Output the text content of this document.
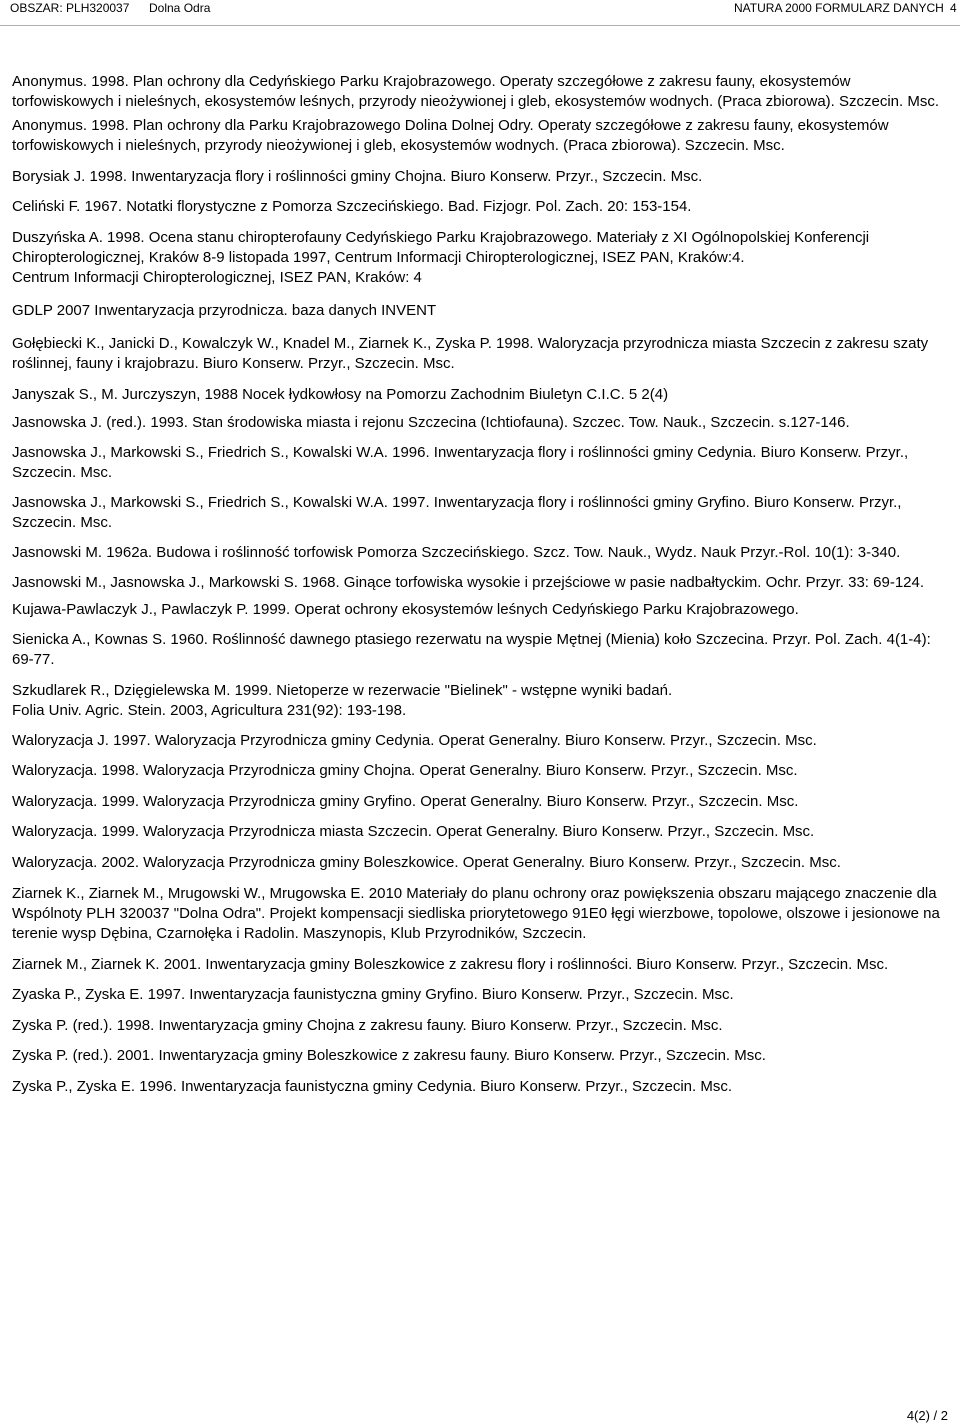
OBSZAR: PLH320037 Dolna Odra	NATURA 2000 FORMULARZ DANYCH 4

Anonymus. 1998. Plan ochrony dla Cedyńskiego Parku Krajobrazowego. Operaty szczegółowe z zakresu fauny, ekosystemów torfowiskowych i nieleśnych, ekosystemów leśnych, przyrody nieożywionej i gleb, ekosystemów wodnych. (Praca zbiorowa). Szczecin. Msc.

Anonymus. 1998. Plan ochrony dla Parku Krajobrazowego Dolina Dolnej Odry. Operaty szczegółowe z zakresu fauny, ekosystemów torfowiskowych i nieleśnych, przyrody nieożywionej i gleb, ekosystemów wodnych. (Praca zbiorowa). Szczecin. Msc.

Borysiak J. 1998. Inwentaryzacja flory i roślinności gminy Chojna. Biuro Konserw. Przyr., Szczecin. Msc.

Celiński F. 1967. Notatki florystyczne z Pomorza Szczecińskiego. Bad. Fizjogr. Pol. Zach. 20: 153-154.

Duszyńska A. 1998. Ocena stanu chiropterofauny Cedyńskiego Parku Krajobrazowego. Materiały z XI Ogólnopolskiej Konferencji Chiropterologicznej, Kraków 8-9 listopada 1997, Centrum Informacji Chiropterologicznej, ISEZ PAN, Kraków:4.

Centrum Informacji Chiropterologicznej, ISEZ PAN, Kraków: 4

GDLP 2007 Inwentaryzacja przyrodnicza. baza danych INVENT

Gołębiecki K., Janicki D., Kowalczyk W., Knadel M., Ziarnek K., Zyska P. 1998. Waloryzacja przyrodnicza miasta Szczecin z zakresu szaty roślinnej, fauny i krajobrazu. Biuro Konserw. Przyr., Szczecin. Msc.

Janyszak S., M. Jurczyszyn, 1988 Nocek łydkowłosy na Pomorzu Zachodnim Biuletyn C.I.C. 5 2(4)

Jasnowska J. (red.). 1993. Stan środowiska miasta i rejonu Szczecina (Ichtiofauna). Szczec. Tow. Nauk., Szczecin. s.127-146.

Jasnowska J., Markowski S., Friedrich S., Kowalski W.A. 1996. Inwentaryzacja flory i roślinności gminy Cedynia. Biuro Konserw. Przyr., Szczecin. Msc.

Jasnowska J., Markowski S., Friedrich S., Kowalski W.A. 1997. Inwentaryzacja flory i roślinności gminy Gryfino. Biuro Konserw. Przyr., Szczecin. Msc.

Jasnowski M. 1962a. Budowa i roślinność torfowisk Pomorza Szczecińskiego. Szcz. Tow. Nauk., Wydz. Nauk Przyr.-Rol. 10(1): 3-340.

Jasnowski M., Jasnowska J., Markowski S. 1968. Ginące torfowiska wysokie i przejściowe w pasie nadbałtyckim. Ochr. Przyr. 33: 69-124.

Kujawa-Pawlaczyk J., Pawlaczyk P. 1999. Operat ochrony ekosystemów leśnych Cedyńskiego Parku Krajobrazowego.

Sienicka A., Kownas S. 1960. Roślinność dawnego ptasiego rezerwatu na wyspie Mętnej (Mienia) koło Szczecina. Przyr. Pol. Zach. 4(1-4): 69-77.

Szkudlarek R., Dzięgielewska M. 1999. Nietoperze w rezerwacie "Bielinek" - wstępne wyniki badań.

Folia Univ. Agric. Stein. 2003, Agricultura 231(92): 193-198.

Waloryzacja J. 1997. Waloryzacja Przyrodnicza gminy Cedynia. Operat Generalny. Biuro Konserw. Przyr., Szczecin. Msc.

Waloryzacja. 1998. Waloryzacja Przyrodnicza gminy Chojna. Operat Generalny. Biuro Konserw. Przyr., Szczecin. Msc.

Waloryzacja. 1999. Waloryzacja Przyrodnicza gminy Gryfino. Operat Generalny. Biuro Konserw. Przyr., Szczecin. Msc.

Waloryzacja. 1999. Waloryzacja Przyrodnicza miasta Szczecin. Operat Generalny. Biuro Konserw. Przyr., Szczecin. Msc.

Waloryzacja. 2002. Waloryzacja Przyrodnicza gminy Boleszkowice. Operat Generalny. Biuro Konserw. Przyr., Szczecin. Msc.

Ziarnek K., Ziarnek M., Mrugowski W., Mrugowska E. 2010 Materiały do planu ochrony oraz powiększenia obszaru mającego znaczenie dla Wspólnoty PLH 320037 "Dolna Odra". Projekt kompensacji siedliska priorytetowego 91E0 łęgi wierzbowe, topolowe, olszowe i jesionowe na terenie wysp Dębina, Czarnołęka i Radolin. Maszynopis, Klub Przyrodników, Szczecin.

Ziarnek M., Ziarnek K. 2001. Inwentaryzacja gminy Boleszkowice z zakresu flory i roślinności. Biuro Konserw. Przyr., Szczecin. Msc.

Zyaska P., Zyska E. 1997. Inwentaryzacja faunistyczna gminy Gryfino. Biuro Konserw. Przyr., Szczecin. Msc.

Zyska P. (red.). 1998. Inwentaryzacja gminy Chojna z zakresu fauny. Biuro Konserw. Przyr., Szczecin. Msc.

Zyska P. (red.). 2001. Inwentaryzacja gminy Boleszkowice z zakresu fauny. Biuro Konserw. Przyr., Szczecin. Msc.

Zyska P., Zyska E. 1996. Inwentaryzacja faunistyczna gminy Cedynia. Biuro Konserw. Przyr., Szczecin. Msc.

4(2) / 2
